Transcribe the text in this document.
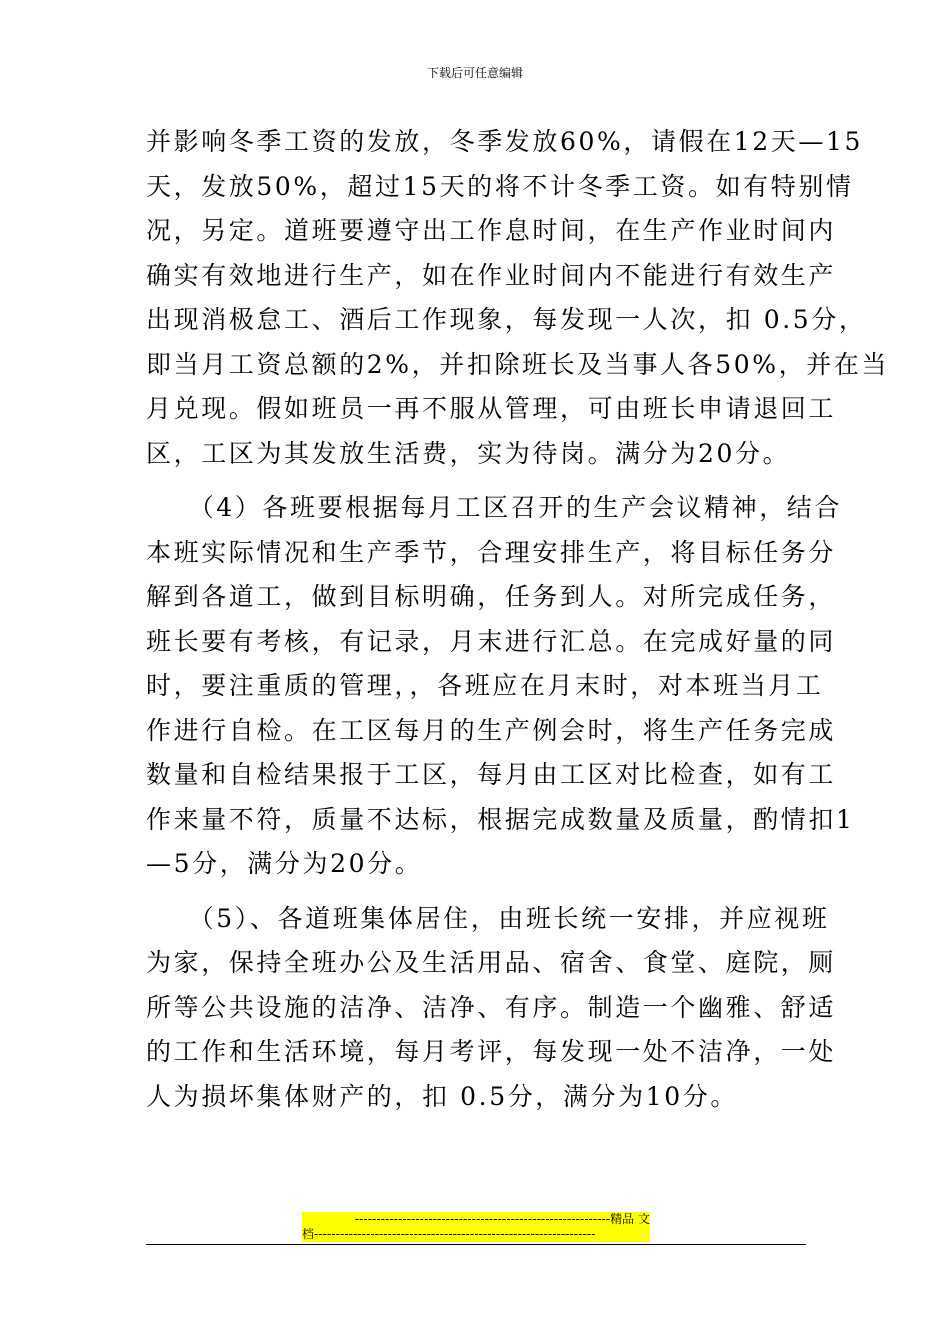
下载后可任意编辑
并影响冬季工资的发放，冬季发放60%，请假在12天—15
天，发放50%，超过15天的将不计冬季工资。如有特别情
况，另定。道班要遵守出工作息时间，在生产作业时间内
确实有效地进行生产，如在作业时间内不能进行有效生产
出现消极怠工、酒后工作现象，每发现一人次，扣 0.5分，
即当月工资总额的2%，并扣除班长及当事人各50%，并在当
月兑现。假如班员一再不服从管理，可由班长申请退回工
区，工区为其发放生活费，实为待岗。满分为20分。
　　（4）各班要根据每月工区召开的生产会议精神，结合
本班实际情况和生产季节，合理安排生产，将目标任务分
解到各道工，做到目标明确，任务到人。对所完成任务，
班长要有考核，有记录，月末进行汇总。在完成好量的同
时，要注重质的管理，，各班应在月末时，对本班当月工
作进行自检。在工区每月的生产例会时，将生产任务完成
数量和自检结果报于工区，每月由工区对比检查，如有工
作来量不符，质量不达标，根据完成数量及质量，酌情扣1
—5分，满分为20分。
　　（5）、各道班集体居住，由班长统一安排，并应视班
为家，保持全班办公及生活用品、宿舍、食堂、庭院，厕
所等公共设施的洁净、洁净、有序。制造一个幽雅、舒适
的工作和生活环境，每月考评，每发现一处不洁净，一处
人为损坏集体财产的，扣 0.5分，满分为10分。
-----------------------------------------------------------精品 文
档-----------------------------------------------------------------
